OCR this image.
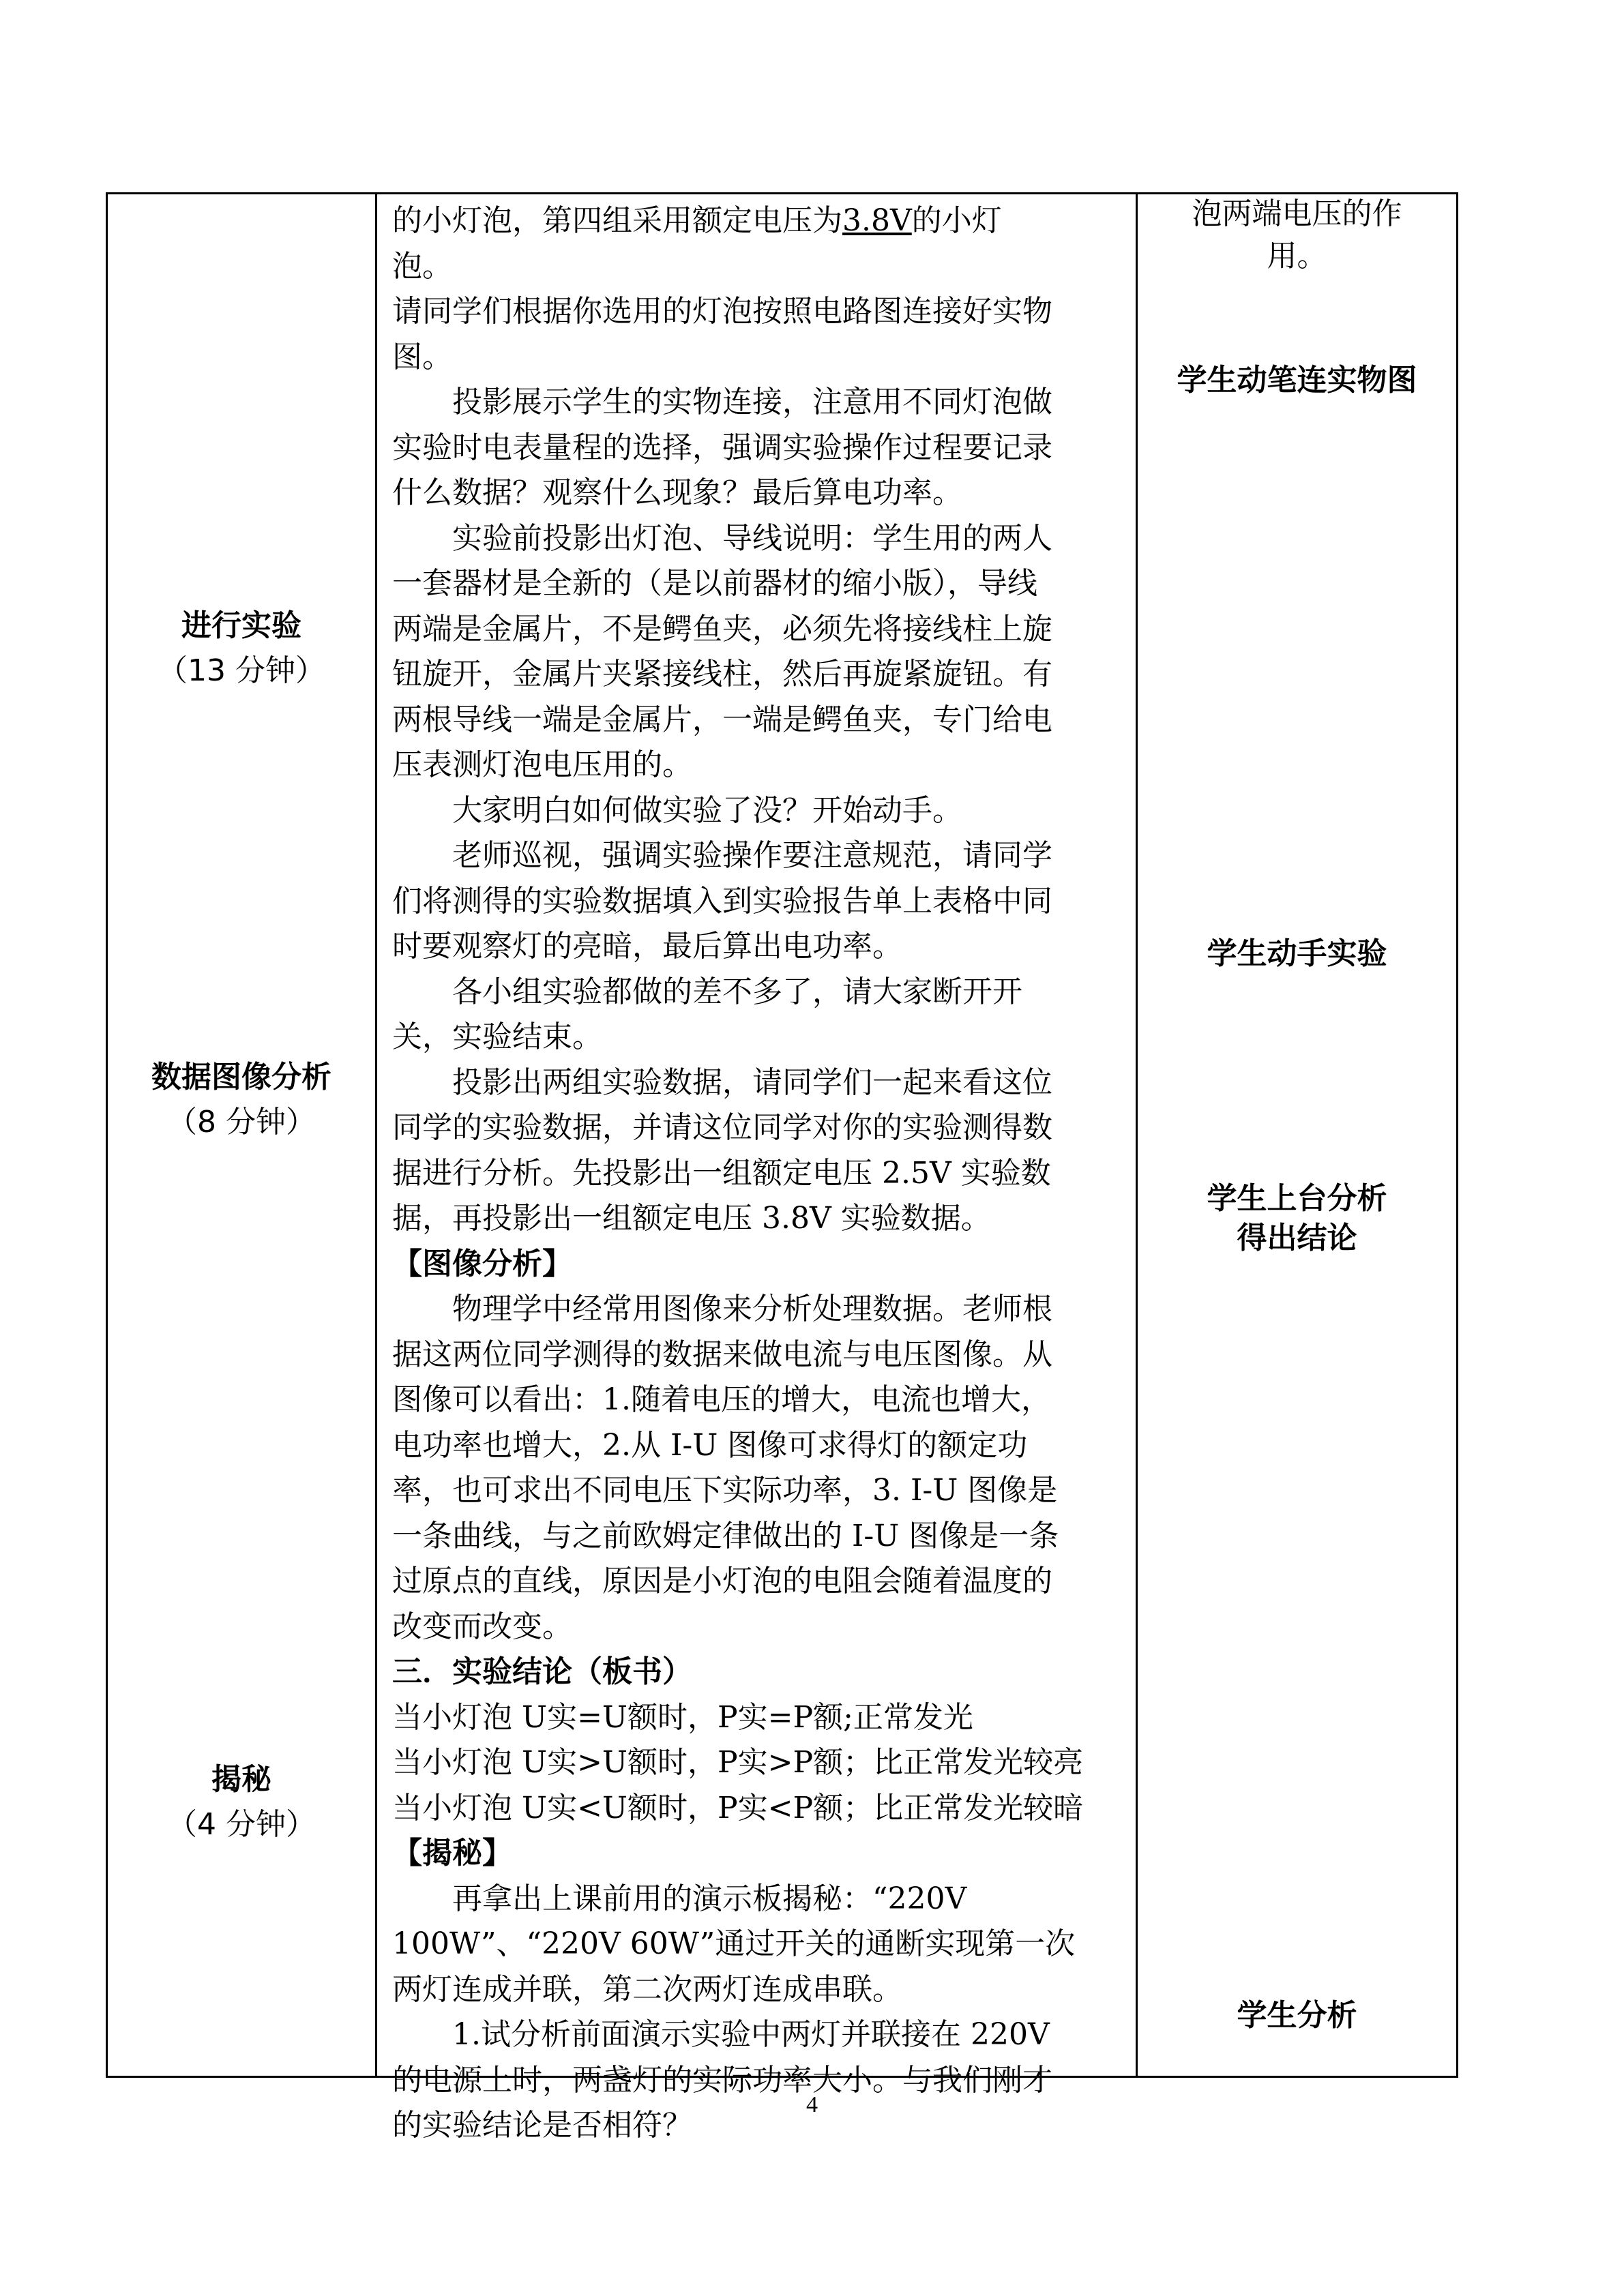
进行实验
（13 分钟）
数据图像分析
（8 分钟）
揭秘
（4 分钟）
的小灯泡，第四组采用额定电压为3.8V的小灯
泡。
请同学们根据你选用的灯泡按照电路图连接好实物
图。
投影展示学生的实物连接，注意用不同灯泡做
实验时电表量程的选择，强调实验操作过程要记录
什么数据？观察什么现象？最后算电功率。
实验前投影出灯泡、导线说明：学生用的两人
一套器材是全新的（是以前器材的缩小版），导线
两端是金属片，不是鳄鱼夹，必须先将接线柱上旋
钮旋开，金属片夹紧接线柱，然后再旋紧旋钮。有
两根导线一端是金属片，一端是鳄鱼夹，专门给电
压表测灯泡电压用的。
大家明白如何做实验了没？开始动手。
老师巡视，强调实验操作要注意规范，请同学
们将测得的实验数据填入到实验报告单上表格中同
时要观察灯的亮暗，最后算出电功率。
各小组实验都做的差不多了，请大家断开开
关，实验结束。
投影出两组实验数据，请同学们一起来看这位
同学的实验数据，并请这位同学对你的实验测得数
据进行分析。先投影出一组额定电压 2.5V 实验数
据，再投影出一组额定电压 3.8V 实验数据。
【图像分析】
物理学中经常用图像来分析处理数据。老师根
据这两位同学测得的数据来做电流与电压图像。从
图像可以看出：1.随着电压的增大，电流也增大，
电功率也增大，2.从 I-U 图像可求得灯的额定功
率，也可求出不同电压下实际功率，3. I-U 图像是
一条曲线，与之前欧姆定律做出的 I-U 图像是一条
过原点的直线，原因是小灯泡的电阻会随着温度的
改变而改变。
三．实验结论（板书）
当小灯泡 U实=U额时，P实=P额;正常发光
当小灯泡 U实>U额时，P实>P额；比正常发光较亮
当小灯泡 U实<U额时，P实<P额；比正常发光较暗
【揭秘】
再拿出上课前用的演示板揭秘：“220V
100W”、“220V 60W”通过开关的通断实现第一次
两灯连成并联，第二次两灯连成串联。
1.试分析前面演示实验中两灯并联接在 220V
的电源上时，两盏灯的实际功率大小。与我们刚才
的实验结论是否相符？
泡两端电压的作
用。
学生动笔连实物图
学生动手实验
学生上台分析
得出结论
学生分析
4
